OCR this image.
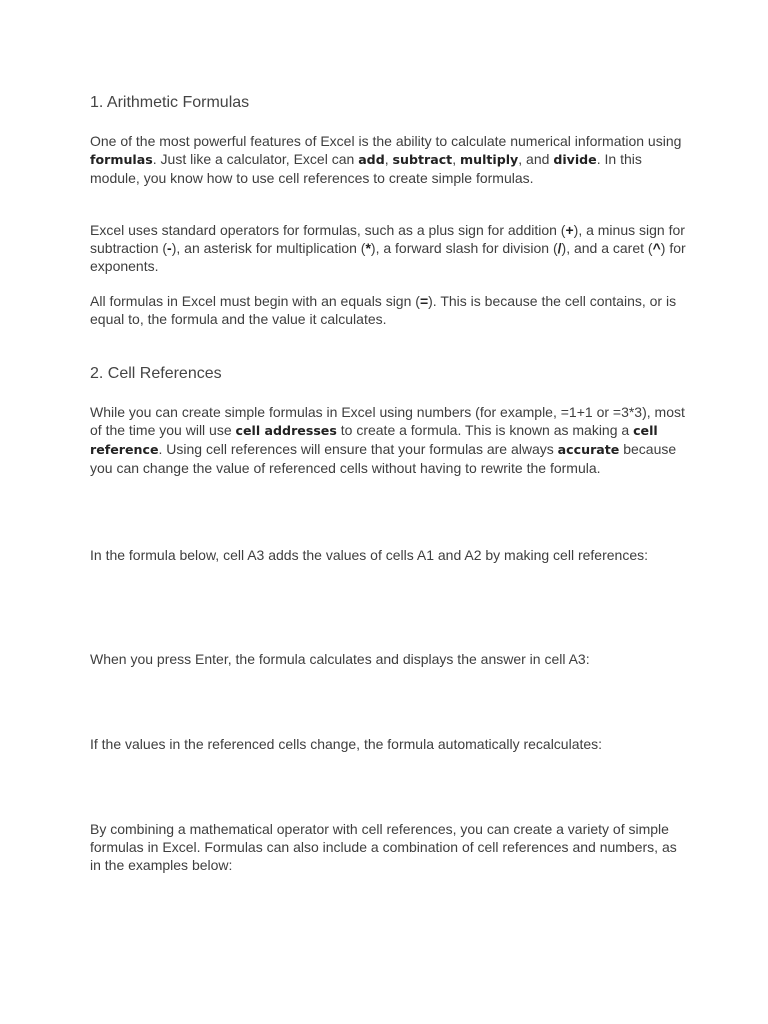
1. Arithmetic Formulas

One of the most powerful features of Excel is the ability to calculate numerical information using formulas. Just like a calculator, Excel can add, subtract, multiply, and divide. In this module, you know how to use cell references to create simple formulas.

Excel uses standard operators for formulas, such as a plus sign for addition (+), a minus sign for subtraction (-), an asterisk for multiplication (*), a forward slash for division (/), and a caret (^) for exponents.

All formulas in Excel must begin with an equals sign (=). This is because the cell contains, or is equal to, the formula and the value it calculates.

2. Cell References

While you can create simple formulas in Excel using numbers (for example, =1+1 or =3*3), most of the time you will use cell addresses to create a formula. This is known as making a cell reference. Using cell references will ensure that your formulas are always accurate because you can change the value of referenced cells without having to rewrite the formula.

In the formula below, cell A3 adds the values of cells A1 and A2 by making cell references:

When you press Enter, the formula calculates and displays the answer in cell A3:

If the values in the referenced cells change, the formula automatically recalculates:

By combining a mathematical operator with cell references, you can create a variety of simple formulas in Excel. Formulas can also include a combination of cell references and numbers, as in the examples below:
